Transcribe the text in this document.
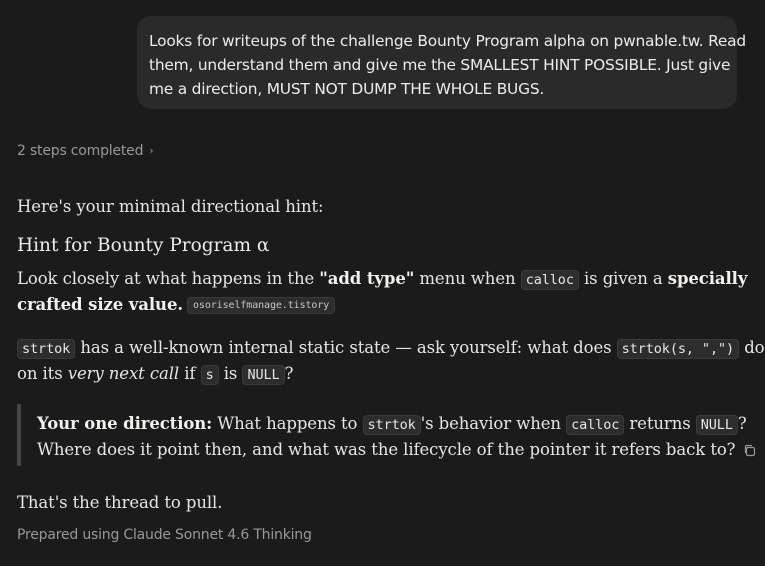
Looks for writeups of the challenge Bounty Program alpha on pwnable.tw. Read
them, understand them and give me the SMALLEST HINT POSSIBLE. Just give
me a direction, MUST NOT DUMP THE WHOLE BUGS.
2 steps completed ›
Here's your minimal directional hint:
Hint for Bounty Program α
Look closely at what happens in the "add type" menu when calloc is given a specially
crafted size value. osoriselfmanage.tistory
strtok has a well-known internal static state — ask yourself: what does strtok(s, ",") do
on its very next call if s is NULL ?
Your one direction: What happens to strtok 's behavior when calloc returns NULL ?
Where does it point then, and what was the lifecycle of the pointer it refers back to?
That's the thread to pull.
Prepared using Claude Sonnet 4.6 Thinking
